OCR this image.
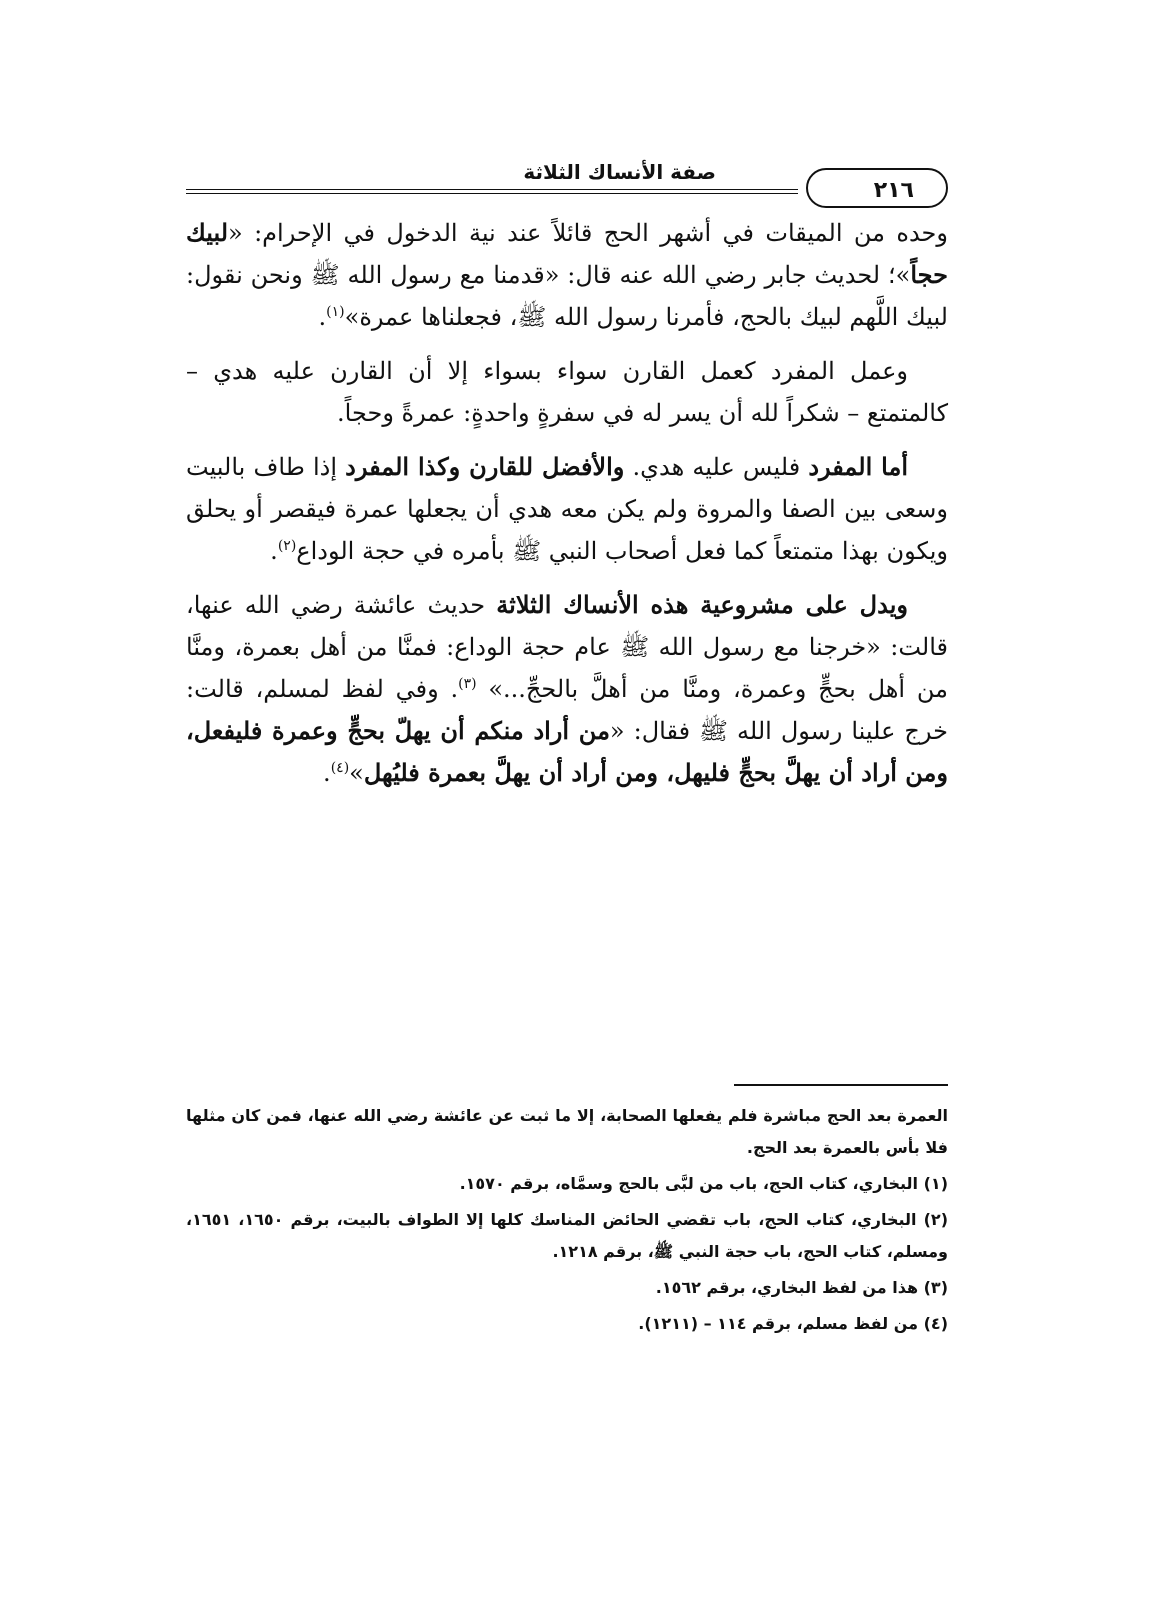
صفة الأنساك الثلاثة
٢١٦

وحده من الميقات في أشهر الحج قائلاً عند نية الدخول في الإحرام: «لبيك حجاً»؛ لحديث جابر رضي الله عنه قال: «قدمنا مع رسول الله ﷺ ونحن نقول: لبيك اللَّهم لبيك بالحج، فأمرنا رسول الله ﷺ، فجعلناها عمرة»$^{(١)}$.

وعمل المفرد كعمل القارن سواء بسواء إلا أن القارن عليه هدي – كالمتمتع – شكراً لله أن يسر له في سفرةٍ واحدةٍ: عمرةً وحجاً.

أما المفرد فليس عليه هدي. والأفضل للقارن وكذا المفرد إذا طاف بالبيت وسعى بين الصفا والمروة ولم يكن معه هدي أن يجعلها عمرة فيقصر أو يحلق ويكون بهذا متمتعاً كما فعل أصحاب النبي ﷺ بأمره في حجة الوداع$^{(٢)}$.

ويدل على مشروعية هذه الأنساك الثلاثة حديث عائشة رضي الله عنها، قالت: «خرجنا مع رسول الله ﷺ عام حجة الوداع: فمنَّا من أهل بعمرة، ومنَّا من أهل بحجٍّ وعمرة، ومنَّا من أهلَّ بالحجِّ...» $^{(٣)}$. وفي لفظ لمسلم، قالت: خرج علينا رسول الله ﷺ فقال: «من أراد منكم أن يهلّ بحجٍّ وعمرة فليفعل، ومن أراد أن يهلَّ بحجٍّ فليهل، ومن أراد أن يهلَّ بعمرة فليُهل»$^{(٤)}$.

العمرة بعد الحج مباشرة فلم يفعلها الصحابة، إلا ما ثبت عن عائشة رضي الله عنها، فمن كان مثلها فلا بأس بالعمرة بعد الحج.

(١) البخاري، كتاب الحج، باب من لبَّى بالحج وسمَّاه، برقم ١٥٧٠.

(٢) البخاري، كتاب الحج، باب تقضي الحائض المناسك كلها إلا الطواف بالبيت، برقم ١٦٥٠، ١٦٥١، ومسلم، كتاب الحج، باب حجة النبي ﷺ، برقم ١٢١٨.

(٣) هذا من لفظ البخاري، برقم ١٥٦٢.

(٤) من لفظ مسلم، برقم ١١٤ – (١٢١١).
